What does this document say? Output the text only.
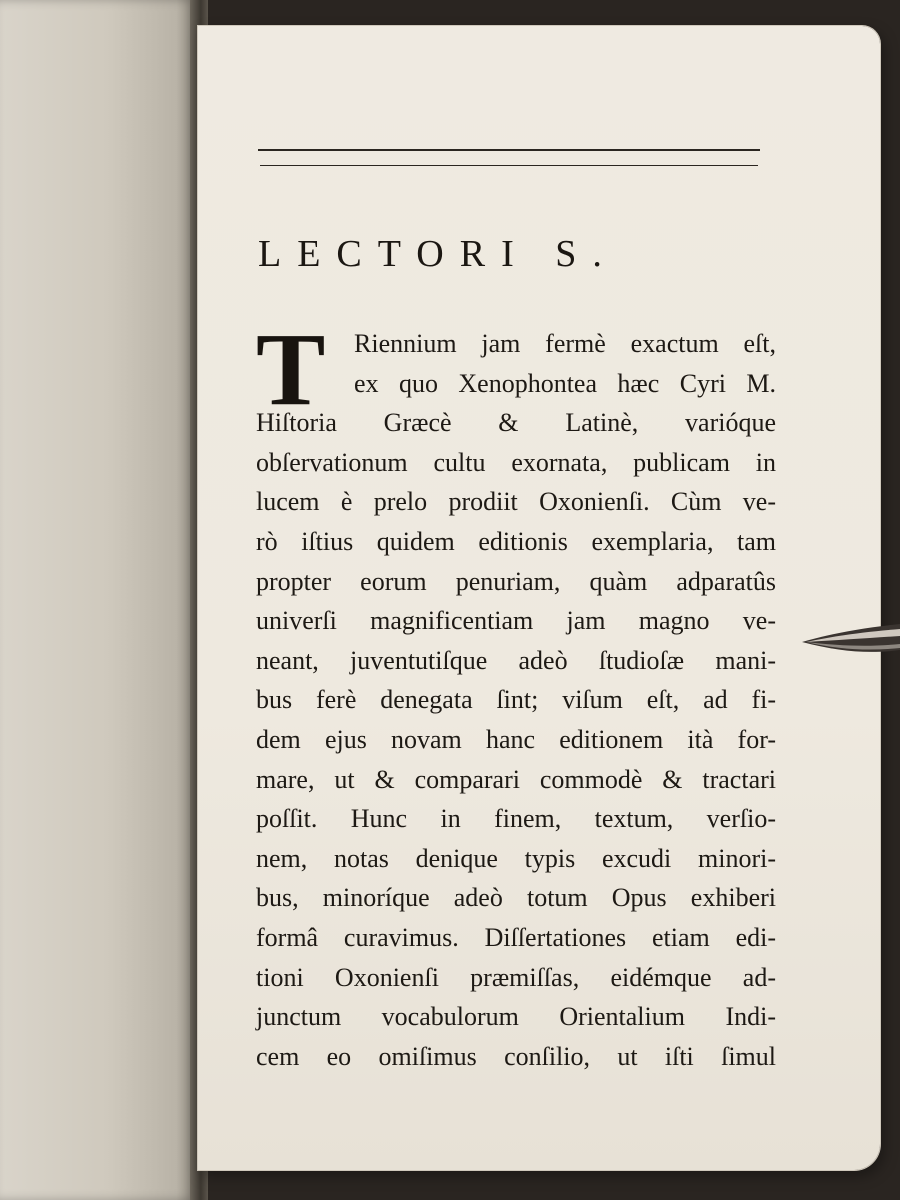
LECTORI S.
T	Riennium jam fermè exactum eſt,
ex quo Xenophontea hæc Cyri M.
Hiſtoria Græcè & Latinè, varióque
obſervationum cultu exornata, publicam in
lucem è prelo prodiit Oxonienſi. Cùm ve-
rò iſtius quidem editionis exemplaria, tam
propter eorum penuriam, quàm adparatûs
univerſi magnificentiam jam magno ve-
neant, juventutiſque adeò ſtudioſæ mani-
bus ferè denegata ſint; viſum eſt, ad fi-
dem ejus novam hanc editionem ità for-
mare, ut & comparari commodè & tractari
poſſit. Hunc in finem, textum, verſio-
nem, notas denique typis excudi minori-
bus, minoríque adeò totum Opus exhiberi
formâ curavimus. Diſſertationes etiam edi-
tioni Oxonienſi præmiſſas, eidémque ad-
junctum vocabulorum Orientalium Indi-
cem eo omiſimus conſilio, ut iſti ſimul
